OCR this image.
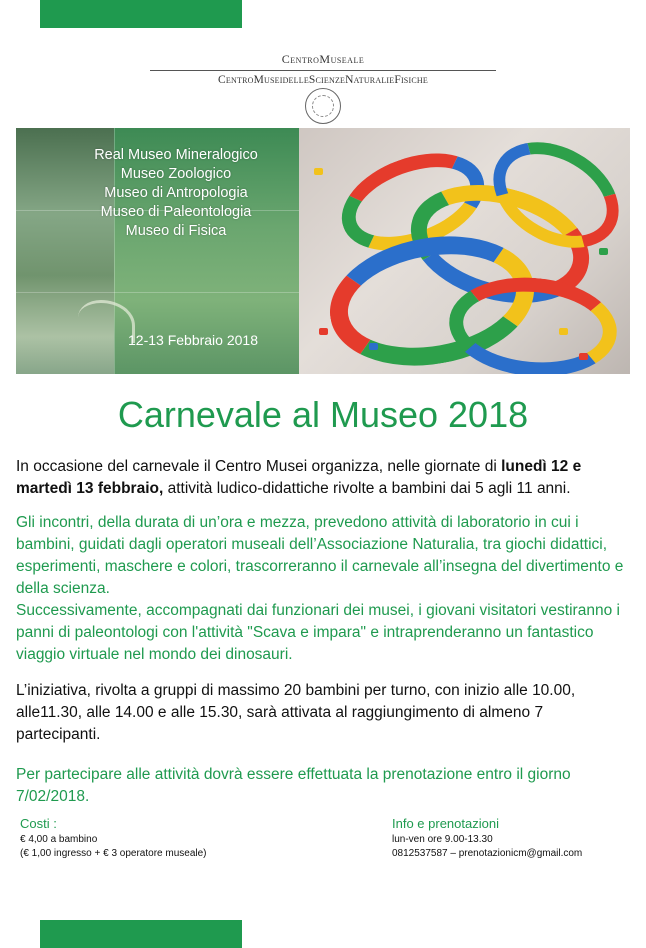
CentroMuseale
CentroMuseidelleScienzeNaturalieFisiche
Real Museo Mineralogico
Museo Zoologico
Museo di Antropologia
Museo di Paleontologia
Museo di Fisica
12-13 Febbraio 2018
Carnevale al Museo 2018

In occasione del carnevale il Centro Musei organizza, nelle giornate di lunedì 12 e martedì 13 febbraio, attività ludico-didattiche rivolte a bambini dai 5 agli 11 anni.

Gli incontri, della durata di un’ora e mezza, prevedono attività di laboratorio in cui i bambini, guidati dagli operatori museali dell’Associazione Naturalia, tra giochi didattici, esperimenti, maschere e colori, trascorreranno il carnevale all’insegna del divertimento e della scienza.
Successivamente, accompagnati dai funzionari dei musei, i giovani visitatori vestiranno i panni di paleontologi con l'attività "Scava e impara" e intraprenderanno un fantastico viaggio virtuale nel mondo dei dinosauri.

L’iniziativa, rivolta a gruppi di massimo 20 bambini per turno, con inizio alle 10.00, alle11.30, alle 14.00 e alle 15.30, sarà attivata al raggiungimento di almeno 7 partecipanti.

Per partecipare alle attività dovrà essere effettuata la prenotazione entro il giorno 7/02/2018.

Costi :
€ 4,00 a bambino
(€ 1,00 ingresso + € 3 operatore museale)
Info e prenotazioni
lun-ven ore 9.00-13.30
0812537587 – prenotazionicm@gmail.com
